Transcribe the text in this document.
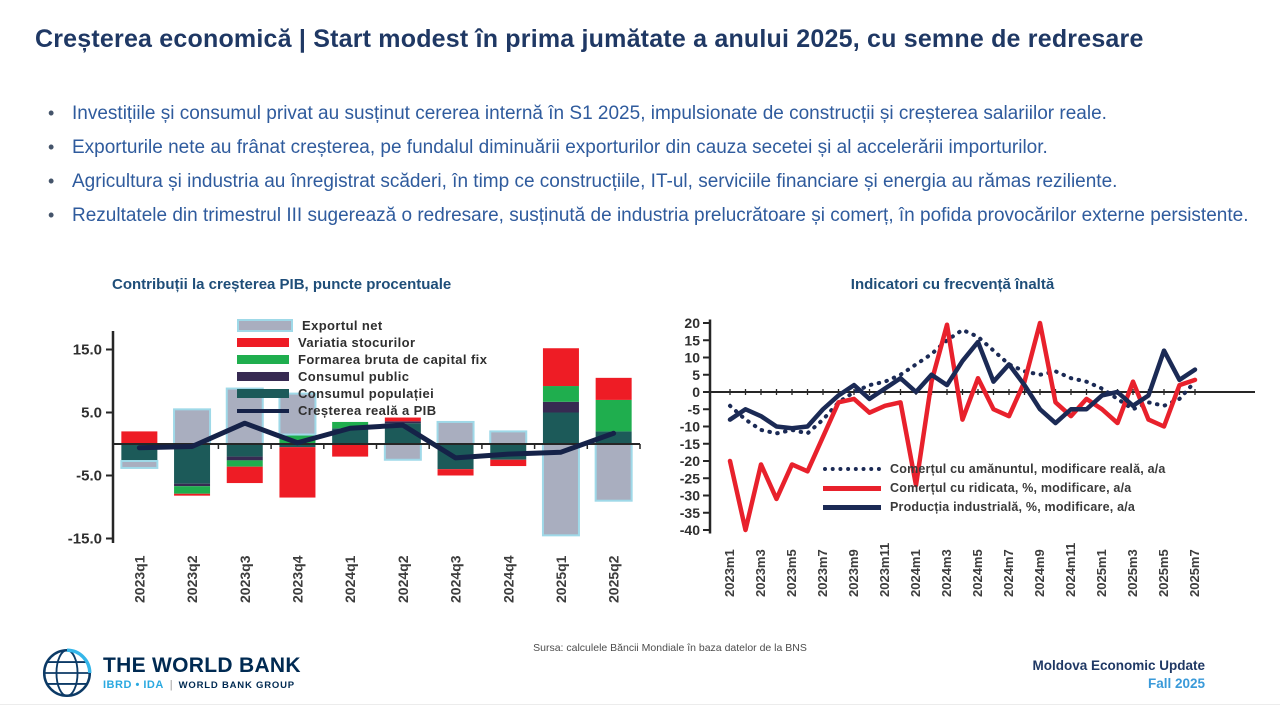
Creșterea economică | Start modest în prima jumătate a anului 2025, cu semne de redresare
• Investițiile și consumul privat au susținut cererea internă în S1 2025, impulsionate de construcții și creșterea salariilor reale.
• Exporturile nete au frânat creșterea, pe fundalul diminuării exporturilor din cauza secetei și al accelerării importurilor.
• Agricultura și industria au înregistrat scăderi, în timp ce construcțiile, IT-ul, serviciile financiare și energia au rămas reziliente.
• Rezultatele din trimestrul III sugerează o redresare, susținută de industria prelucrătoare și comerț, în pofida provocărilor externe persistente.
Contribuții la creșterea PIB, puncte procentuale
15.0
5.0
-5.0
-15.0
2023q1	2023q2	2023q3	2023q4	2024q1	2024q2	2024q3	2024q4	2025q1	2025q2
Exportul net
Variatia stocurilor
Formarea bruta de capital fix
Consumul public
Consumul populației
Creșterea reală a PIB
Indicatori cu frecvență înaltă
20
15
10
5
0
-5
-10
-15
-20
-25
-30
-35
-40
2023m1 2023m3 2023m5 2023m7 2023m9 2023m11 2024m1 2024m3 2024m5 2024m7 2024m9 2024m11 2025m1 2025m3 2025m5 2025m7
Comerțul cu amănuntul, modificare reală, a/a
Comerțul cu ridicata, %, modificare, a/a
Producția industrială, %, modificare, a/a
Sursa: calculele Băncii Mondiale în baza datelor de la BNS
THE WORLD BANK
IBRD • IDA | WORLD BANK GROUP
Moldova Economic Update
Fall 2025
